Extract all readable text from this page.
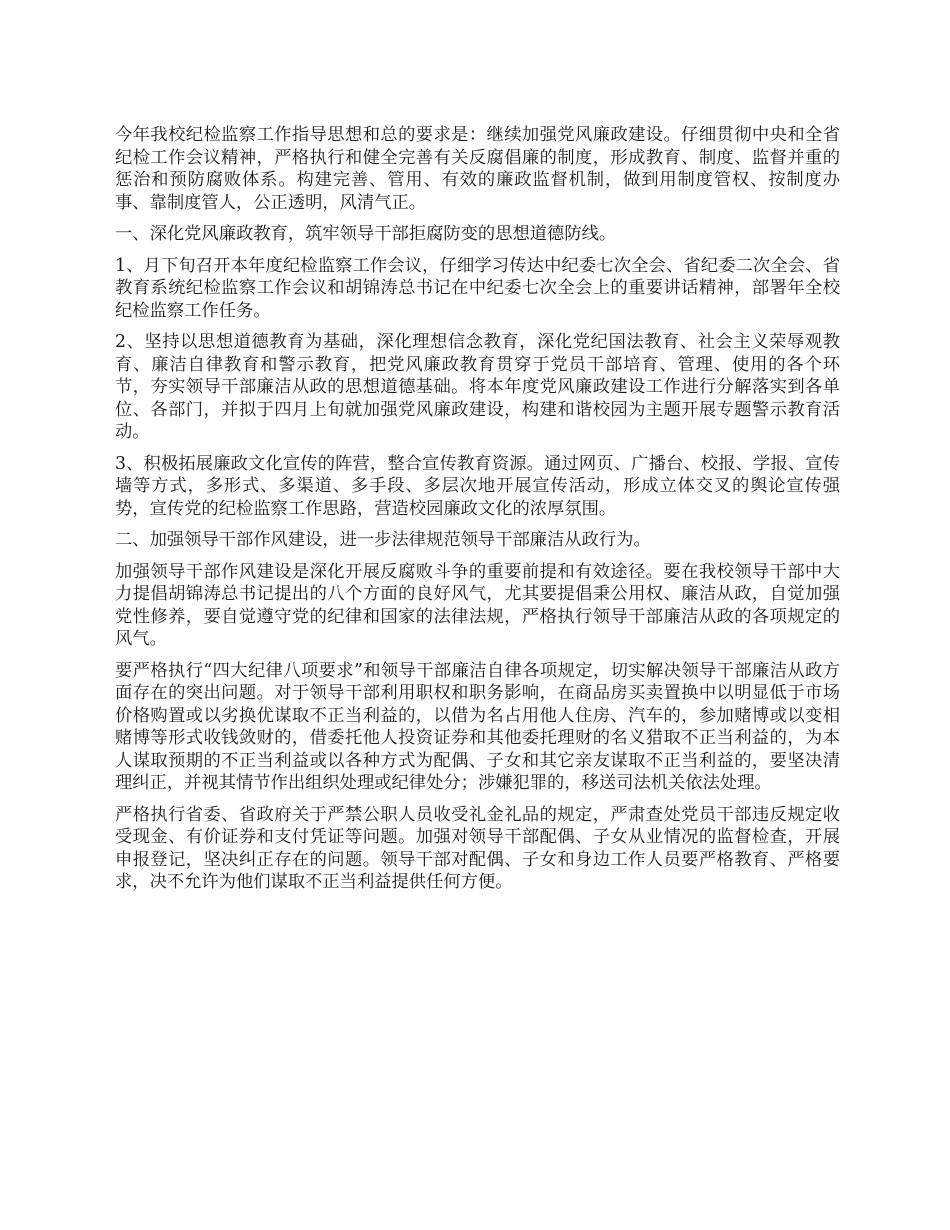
今年我校纪检监察工作指导思想和总的要求是：继续加强党风廉政建设。仔细贯彻中央和全省纪检工作会议精神，严格执行和健全完善有关反腐倡廉的制度，形成教育、制度、监督并重的惩治和预防腐败体系。构建完善、管用、有效的廉政监督机制，做到用制度管权、按制度办事、靠制度管人，公正透明，风清气正。

一、深化党风廉政教育，筑牢领导干部拒腐防变的思想道德防线。

1、月下旬召开本年度纪检监察工作会议，仔细学习传达中纪委七次全会、省纪委二次全会、省教育系统纪检监察工作会议和胡锦涛总书记在中纪委七次全会上的重要讲话精神，部署年全校纪检监察工作任务。

2、坚持以思想道德教育为基础，深化理想信念教育，深化党纪国法教育、社会主义荣辱观教育、廉洁自律教育和警示教育，把党风廉政教育贯穿于党员干部培育、管理、使用的各个环节，夯实领导干部廉洁从政的思想道德基础。将本年度党风廉政建设工作进行分解落实到各单位、各部门，并拟于四月上旬就加强党风廉政建设，构建和谐校园为主题开展专题警示教育活动。

3、积极拓展廉政文化宣传的阵营，整合宣传教育资源。通过网页、广播台、校报、学报、宣传墙等方式，多形式、多渠道、多手段、多层次地开展宣传活动，形成立体交叉的舆论宣传强势，宣传党的纪检监察工作思路，营造校园廉政文化的浓厚氛围。

二、加强领导干部作风建设，进一步法律规范领导干部廉洁从政行为。

加强领导干部作风建设是深化开展反腐败斗争的重要前提和有效途径。要在我校领导干部中大力提倡胡锦涛总书记提出的八个方面的良好风气，尤其要提倡秉公用权、廉洁从政，自觉加强党性修养，要自觉遵守党的纪律和国家的法律法规，严格执行领导干部廉洁从政的各项规定的风气。

要严格执行“四大纪律八项要求”和领导干部廉洁自律各项规定，切实解决领导干部廉洁从政方面存在的突出问题。对于领导干部利用职权和职务影响，在商品房买卖置换中以明显低于市场价格购置或以劣换优谋取不正当利益的，以借为名占用他人住房、汽车的，参加赌博或以变相赌博等形式收钱敛财的，借委托他人投资证券和其他委托理财的名义猎取不正当利益的，为本人谋取预期的不正当利益或以各种方式为配偶、子女和其它亲友谋取不正当利益的，要坚决清理纠正，并视其情节作出组织处理或纪律处分；涉嫌犯罪的，移送司法机关依法处理。

严格执行省委、省政府关于严禁公职人员收受礼金礼品的规定，严肃查处党员干部违反规定收受现金、有价证券和支付凭证等问题。加强对领导干部配偶、子女从业情况的监督检查，开展申报登记，坚决纠正存在的问题。领导干部对配偶、子女和身边工作人员要严格教育、严格要求，决不允许为他们谋取不正当利益提供任何方便。
